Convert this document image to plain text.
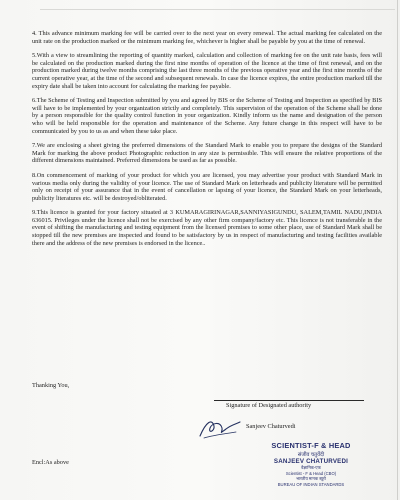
4. This advance minimum marking fee will be carried over to the next year on every renewal. The actual marking fee calculated on the unit rate on the production marked or the minimum marking fee, whichever is higher shall be payable by you at the time of renewal.

5.With a view to streamlining the reporting of quantity marked, calculation and collection of marking fee on the unit rate basis, fees will be calculated on the production marked during the first nine months of operation of the licence at the time of first renewal, and on the production marked during twelve months comprising the last three months of the previous operative year and the first nine months of the current operative year, at the time of the second and subsequent renewals. In case the licence expires, the entire production marked till the expiry date shall be taken into account for calculating the marking fee payable.

6.The Scheme of Testing and Inspection submitted by you and agreed by BIS or the Scheme of Testing and Inspection as specified by BIS will have to be implemented by your organization strictly and completely. This supervision of the operation of the Scheme shall be done by a person responsible for the quality control function in your organization. Kindly inform us the name and designation of the person who will be held responsible for the operation and maintenance of the Scheme. Any future change in this respect will have to be communicated by you to us as and when these take place.

7.We are enclosing a sheet giving the preferred dimensions of the Standard Mark to enable you to prepare the designs of the Standard Mark for marking the above product Photographic reduction in any size is permissible. This will ensure the relative proportions of the different dimensions maintained. Preferred dimensions be used as far as possible.

8.On commencement of marking of your product for which you are licensed, you may advertise your product with Standard Mark in various media only during the validity of your licence. The use of Standard Mark on letterheads and publicity literature will be permitted only on receipt of your assurance that in the event of cancellation or lapsing of your licence, the Standard Mark on your letterheads, publicity literatures etc. will be destroyed/obliterated.

9.This licence is granted for your factory situated at 3 KUMARAGIRINAGAR,SANNIYASIGUNDU, SALEM,TAMIL NADU,INDIA 636015. Privileges under the licence shall not be exercised by any other firm company/factory etc. This licence is not transferable in the event of shifting the manufacturing and testing equipment from the licensed premises to some other place, use of Standard Mark shall be stopped till the new premises are inspected and found to be satisfactory by us in respect of manufacturing and testing facilities available there and the address of the new premises is endorsed in the licence..

Thanking You,
Signature of Designated authority
Sanjeev Chaturvedi
SCIENTIST-F & HEAD
संजीव चतुर्वेदी
SANJEEV CHATURVEDI
वैज्ञानिक-एफ
Scientist - F & Head (CBO)
भारतीय मानक ब्यूरो
BUREAU OF INDIAN STANDARDS
Encl:As above
